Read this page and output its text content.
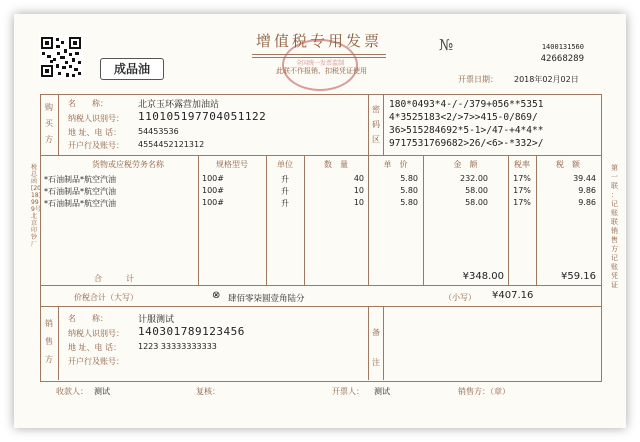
成品油	全国统一发票监制
增值税专用发票
此联不作报销、扣税凭证使用
№	1400131560
42668289
开票日期： 2018年02月02日
税总函[2018]999号北京印钞厂
第
一
联
：
记
账
联
销
售
方
记
账
凭
证
购
买
方
名　　称：	北京玉环露营加油站
纳税人识别号： 110105197704051122
地 址、电 话： 54453536
开户行及账号： 4554452121312
密
码
区
180*0493*4-/-/379+056**5351
4*3525183<2/>7>>415-0/869/
36>515284692*5-1>/47-+4*4**
9717531769682>26/<6>-*332>/
货物或应税劳务名称	规格型号	单位	数　量	单　价	金　额	税率	税　额
*石油制品*航空汽油	100#	升	40	5.80	232.00	17%	39.44
*石油制品*航空汽油	100#	升	10	5.80	58.00	17%	9.86
*石油制品*航空汽油	100#	升	10	5.80	58.00	17%	9.86
合　　　计	¥348.00	¥59.16
价税合计（大写）	⊗ 肆佰零柒圆壹角陆分	（小写） ¥407.16
销
售
方
名　　称：	计服测试
纳税人识别号： 140301789123456
地 址、电 话： 1223 33333333333
开户行及账号：
备
注
收款人： 测试	复核：	开票人： 测试	销售方：（章）
